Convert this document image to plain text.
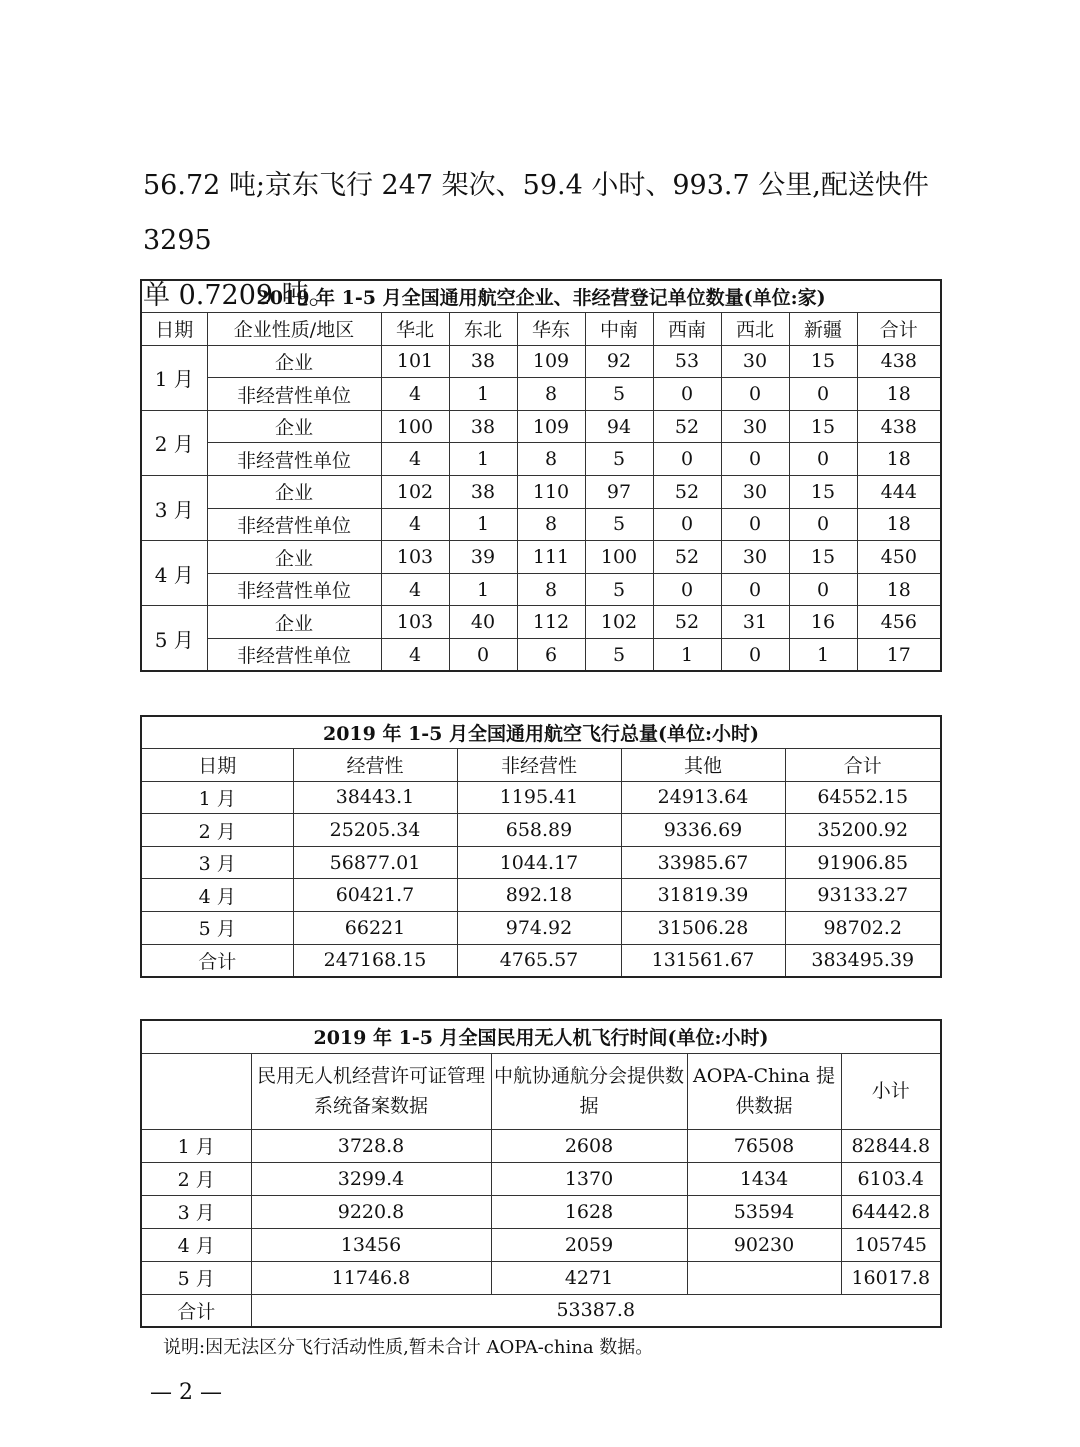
56.72 吨;京东飞行 247 架次、59.4 小时、993.7 公里,配送快件 3295

单 0.7209 吨。

2019 年 1-5 月全国通用航空企业、非经营登记单位数量(单位:家)									
日期	企业性质/地区	华北	东北	华东	中南	西南	西北	新疆	合计
1 月	企业	101	38	109	92	53	30	15	438
	非经营性单位	4	1	8	5	0	0	0	18
2 月	企业	100	38	109	94	52	30	15	438
	非经营性单位	4	1	8	5	0	0	0	18
3 月	企业	102	38	110	97	52	30	15	444
	非经营性单位	4	1	8	5	0	0	0	18
4 月	企业	103	39	111	100	52	30	15	450
	非经营性单位	4	1	8	5	0	0	0	18
5 月	企业	103	40	112	102	52	31	16	456
	非经营性单位	4	0	6	5	1	0	1	17
2019 年 1-5 月全国通用航空飞行总量(单位:小时)				
日期	经营性	非经营性	其他	合计
1 月	38443.1	1195.41	24913.64	64552.15
2 月	25205.34	658.89	9336.69	35200.92
3 月	56877.01	1044.17	33985.67	91906.85
4 月	60421.7	892.18	31819.39	93133.27
5 月	66221	974.92	31506.28	98702.2
合计	247168.15	4765.57	131561.67	383495.39
2019 年 1-5 月全国民用无人机飞行时间(单位:小时)				
	民用无人机经营许可证管理系统备案数据	中航协通航分会提供数据	AOPA-China 提供数据	小计
1 月	3728.8	2608	76508	82844.8
2 月	3299.4	1370	1434	6103.4
3 月	9220.8	1628	53594	64442.8
4 月	13456	2059	90230	105745
5 月	11746.8	4271		16017.8
合计	53387.8			

说明:因无法区分飞行活动性质,暂未合计 AOPA-china 数据。

— 2 —
